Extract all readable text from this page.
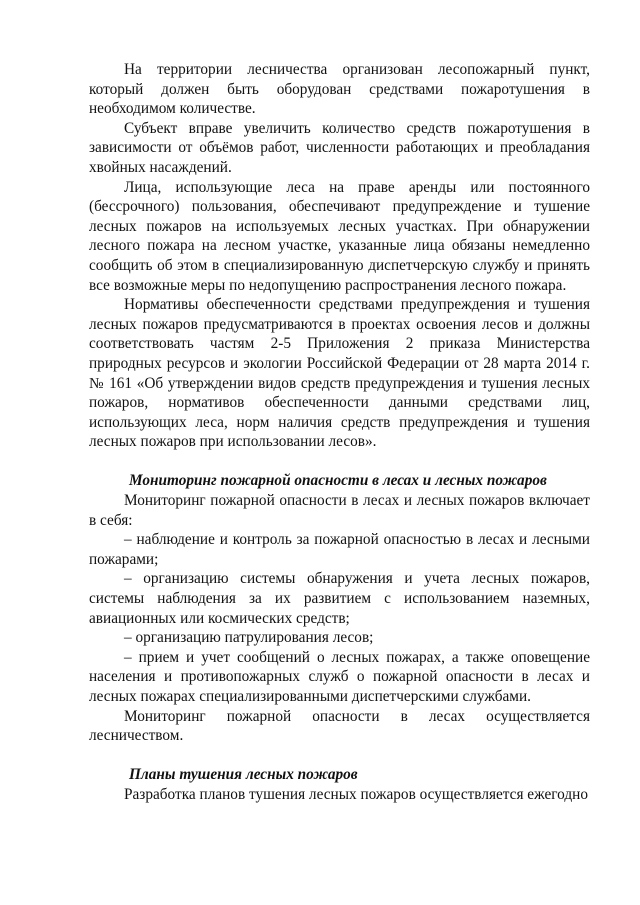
На территории лесничества организован лесопожарный пункт, который должен быть оборудован средствами пожаротушения в необходимом количестве.

Субъект вправе увеличить количество средств пожаротушения в зависимости от объёмов работ, численности работающих и преобладания хвойных насаждений.

Лица, использующие леса на праве аренды или постоянного (бессрочного) пользования, обеспечивают предупреждение и тушение лесных пожаров на используемых лесных участках. При обнаружении лесного пожара на лесном участке, указанные лица обязаны немедленно сообщить об этом в специализированную диспетчерскую службу и принять все возможные меры по недопущению распространения лесного пожара.

Нормативы обеспеченности средствами предупреждения и тушения лесных пожаров предусматриваются в проектах освоения лесов и должны соответствовать частям 2-5 Приложения 2 приказа Министерства природных ресурсов и экологии Российской Федерации от 28 марта 2014 г. № 161 «Об утверждении видов средств предупреждения и тушения лесных пожаров, нормативов обеспеченности данными средствами лиц, использующих леса, норм наличия средств предупреждения и тушения лесных пожаров при использовании лесов».

Мониторинг пожарной опасности в лесах и лесных пожаров

Мониторинг пожарной опасности в лесах и лесных пожаров включает в себя:

– наблюдение и контроль за пожарной опасностью в лесах и лесными пожарами;

– организацию системы обнаружения и учета лесных пожаров, системы наблюдения за их развитием с использованием наземных, авиационных или космических средств;

– организацию патрулирования лесов;

– прием и учет сообщений о лесных пожарах, а также оповещение населения и противопожарных служб о пожарной опасности в лесах и лесных пожарах специализированными диспетчерскими службами.

Мониторинг пожарной опасности в лесах осуществляется лесничеством.

Планы тушения лесных пожаров

Разработка планов тушения лесных пожаров осуществляется ежегодно
